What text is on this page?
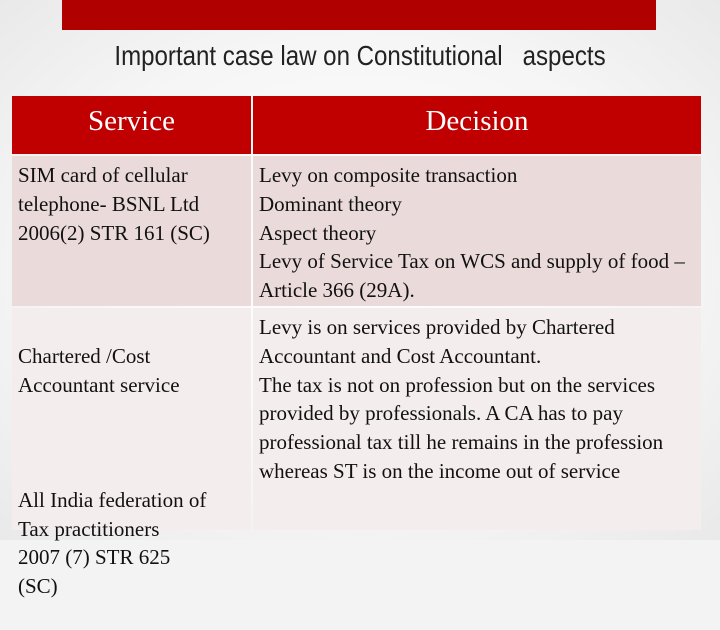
Important case law on Constitutional   aspects
Service	Decision
SIM card of cellular
telephone- BSNL Ltd
2006(2) STR 161 (SC)
Levy on composite transaction
Dominant theory
Aspect theory
Levy of Service Tax on WCS and supply of food – Article 366 (29A).

Chartered /Cost
Accountant service

All India federation of
Tax practitioners
2007 (7) STR 625
(SC)

Levy is on services provided by Chartered Accountant and Cost Accountant.
The tax is not on profession but on the services provided by professionals. A CA has to pay professional tax till he remains in the profession whereas ST is on the income out of service
